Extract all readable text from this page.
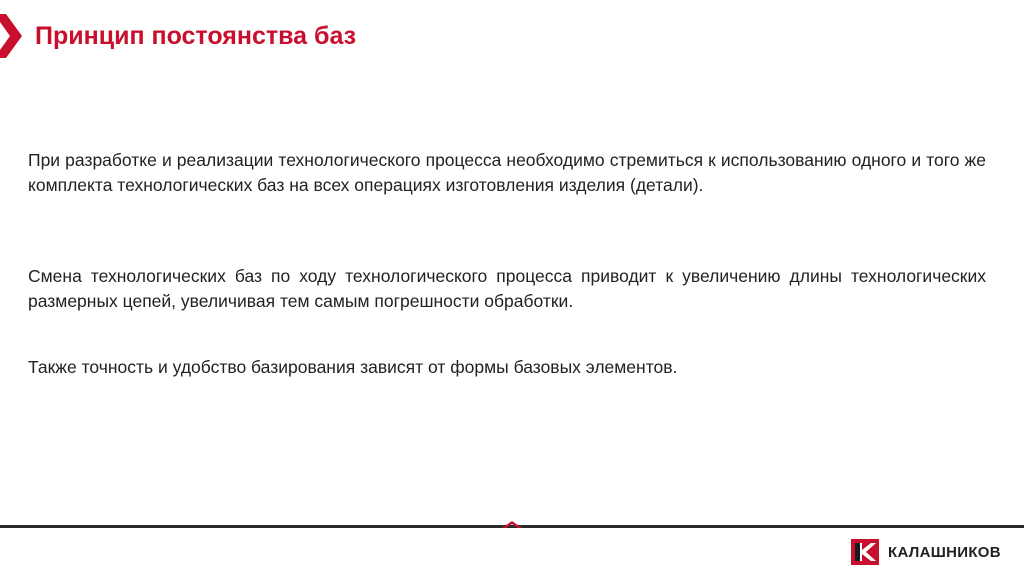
Принцип постоянства баз

При разработке и реализации технологического процесса необходимо стремиться к использованию одного и того же комплекта технологических баз на всех операциях изготовления изделия (детали).

Смена технологических баз по ходу технологического процесса приводит к увеличению длины технологических размерных цепей, увеличивая тем самым погрешности обработки.

Также точность и удобство базирования зависят от формы базовых элементов.

КАЛАШНИКОВ
